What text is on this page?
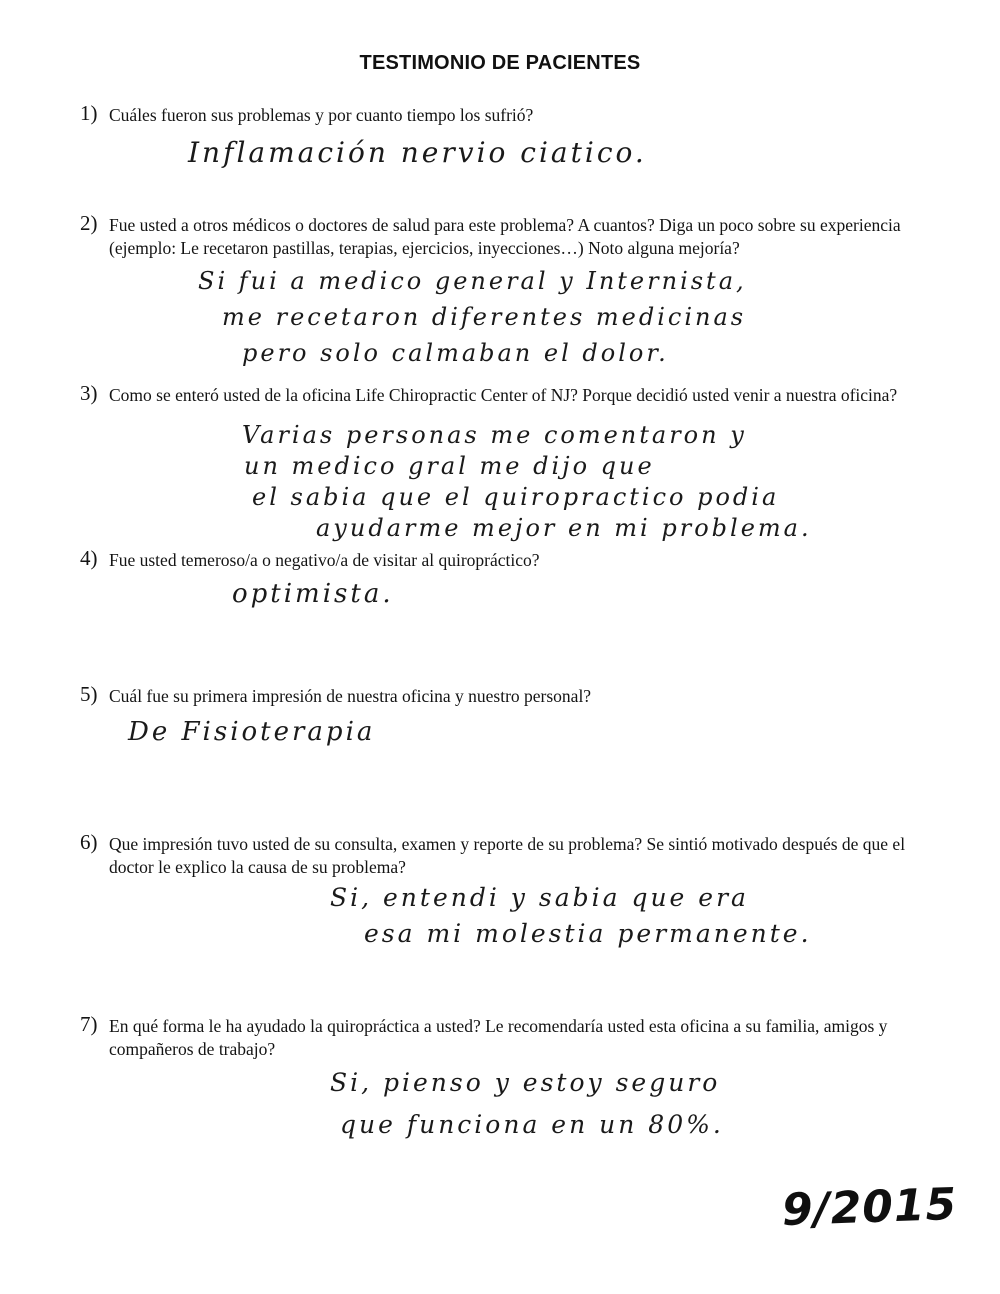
TESTIMONIO DE PACIENTES
1) Cuáles fueron sus problemas y por cuanto tiempo los sufrió?
Inflamación nervio ciatico.
2) Fue usted a otros médicos o doctores de salud para este problema? A cuantos? Diga un poco sobre su experiencia (ejemplo: Le recetaron pastillas, terapias, ejercicios, inyecciones…) Noto alguna mejoría?
Si fui a medico general y Internista,
me recetaron diferentes medicinas
pero solo calmaban el dolor.
3) Como se enteró usted de la oficina Life Chiropractic Center of NJ? Porque decidió usted venir a nuestra oficina?
Varias personas me comentaron y
un medico gral me dijo que
el sabia que el quiropractico podia
ayudarme mejor en mi problema.
4) Fue usted temeroso/a o negativo/a de visitar al quiropráctico?
optimista.
5) Cuál fue su primera impresión de nuestra oficina y nuestro personal?
De Fisioterapia
6) Que impresión tuvo usted de su consulta, examen y reporte de su problema? Se sintió motivado después de que el doctor le explico la causa de su problema?
Si, entendi y sabia que era
esa mi molestia permanente.
7) En qué forma le ha ayudado la quiropráctica a usted? Le recomendaría usted esta oficina a su familia, amigos y compañeros de trabajo?
Si, pienso y estoy seguro
que funciona en un 80%.
9/2015
